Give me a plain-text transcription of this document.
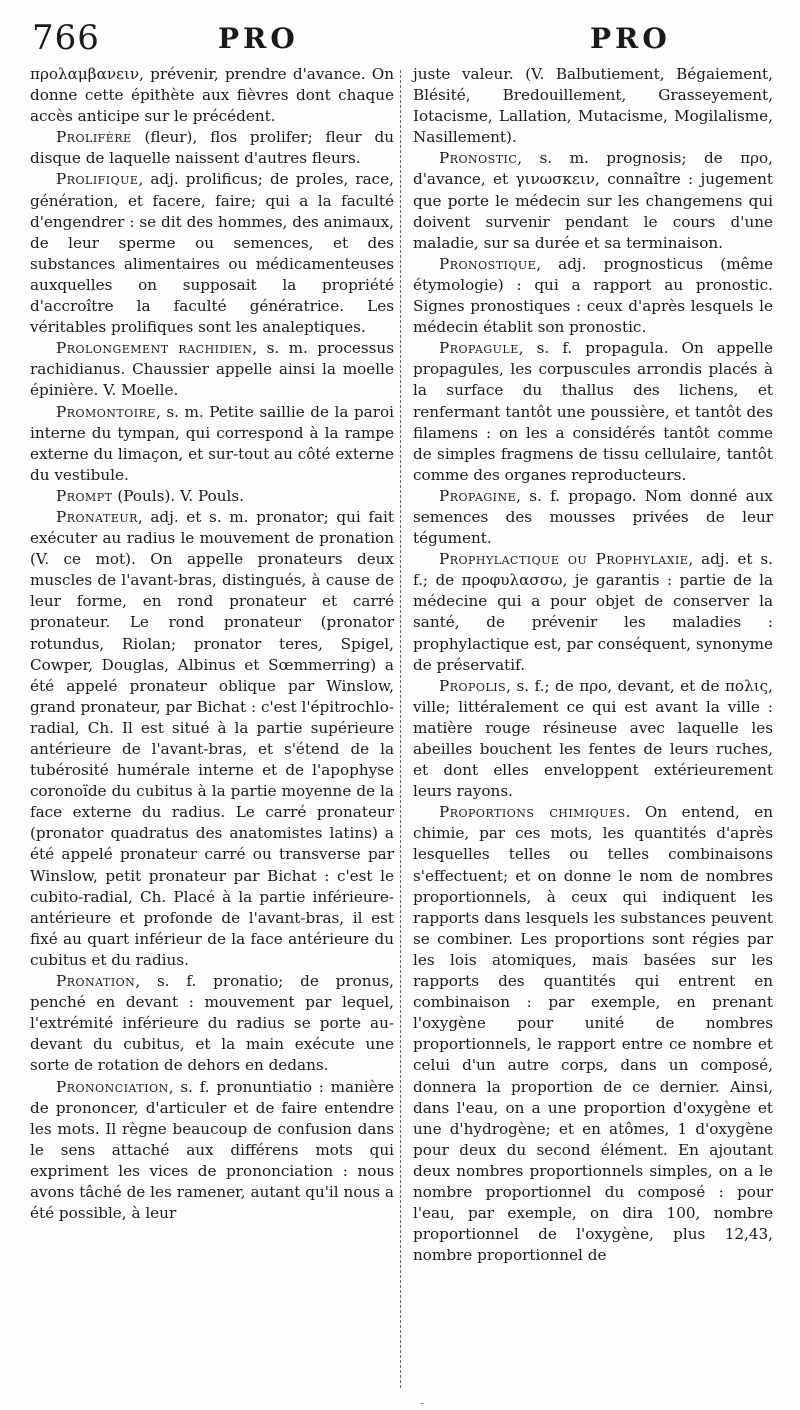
766	PRO	PRO

προλαμβανειν, prévenir, prendre d'avance. On donne cette épithète aux fièvres dont chaque accès anticipe sur le précédent.

Prolifère (fleur), flos prolifer; fleur du disque de laquelle naissent d'autres fleurs.

Prolifique, adj. prolificus; de proles, race, génération, et facere, faire; qui a la faculté d'engendrer : se dit des hommes, des animaux, de leur sperme ou semences, et des substances alimentaires ou médicamenteuses auxquelles on supposait la propriété d'accroître la faculté génératrice. Les véritables prolifiques sont les analeptiques.

Prolongement rachidien, s. m. processus rachidianus. Chaussier appelle ainsi la moelle épinière. V. Moelle.

Promontoire, s. m. Petite saillie de la paroi interne du tympan, qui correspond à la rampe externe du limaçon, et sur-tout au côté externe du vestibule.

Prompt (Pouls). V. Pouls.

Pronateur, adj. et s. m. pronator; qui fait exécuter au radius le mouvement de pronation (V. ce mot). On appelle pronateurs deux muscles de l'avant-bras, distingués, à cause de leur forme, en rond pronateur et carré pronateur. Le rond pronateur (pronator rotundus, Riolan; pronator teres, Spigel, Cowper, Douglas, Albinus et Sœmmerring) a été appelé pronateur oblique par Winslow, grand pronateur, par Bichat : c'est l'épitrochlo-radial, Ch. Il est situé à la partie supérieure antérieure de l'avant-bras, et s'étend de la tubérosité humérale interne et de l'apophyse coronoïde du cubitus à la partie moyenne de la face externe du radius. Le carré pronateur (pronator quadratus des anatomistes latins) a été appelé pronateur carré ou transverse par Winslow, petit pronateur par Bichat : c'est le cubito-radial, Ch. Placé à la partie inférieure-antérieure et profonde de l'avant-bras, il est fixé au quart inférieur de la face antérieure du cubitus et du radius.

Pronation, s. f. pronatio; de pronus, penché en devant : mouvement par lequel, l'extrémité inférieure du radius se porte au-devant du cubitus, et la main exécute une sorte de rotation de dehors en dedans.

Prononciation, s. f. pronuntiatio : manière de prononcer, d'articuler et de faire entendre les mots. Il règne beaucoup de confusion dans le sens attaché aux différens mots qui expriment les vices de prononciation : nous avons tâché de les ramener, autant qu'il nous a été possible, à leur

juste valeur. (V. Balbutiement, Bégaiement, Blésité, Bredouillement, Grasseyement, Iotacisme, Lallation, Mutacisme, Mogilalisme, Nasillement).

Pronostic, s. m. prognosis; de προ, d'avance, et γινωσκειν, connaître : jugement que porte le médecin sur les changemens qui doivent survenir pendant le cours d'une maladie, sur sa durée et sa terminaison.

Pronostique, adj. prognosticus (même étymologie) : qui a rapport au pronostic. Signes pronostiques : ceux d'après lesquels le médecin établit son pronostic.

Propagule, s. f. propagula. On appelle propagules, les corpuscules arrondis placés à la surface du thallus des lichens, et renfermant tantôt une poussière, et tantôt des filamens : on les a considérés tantôt comme de simples fragmens de tissu cellulaire, tantôt comme des organes reproducteurs.

Propagine, s. f. propago. Nom donné aux semences des mousses privées de leur tégument.

Prophylactique ou Prophylaxie, adj. et s. f.; de προφυλασσω, je garantis : partie de la médecine qui a pour objet de conserver la santé, de prévenir les maladies : prophylactique est, par conséquent, synonyme de préservatif.

Propolis, s. f.; de προ, devant, et de πολις, ville; littéralement ce qui est avant la ville : matière rouge résineuse avec laquelle les abeilles bouchent les fentes de leurs ruches, et dont elles enveloppent extérieurement leurs rayons.

Proportions chimiques. On entend, en chimie, par ces mots, les quantités d'après lesquelles telles ou telles combinaisons s'effectuent; et on donne le nom de nombres proportionnels, à ceux qui indiquent les rapports dans lesquels les substances peuvent se combiner. Les proportions sont régies par les lois atomiques, mais basées sur les rapports des quantités qui entrent en combinaison : par exemple, en prenant l'oxygène pour unité de nombres proportionnels, le rapport entre ce nombre et celui d'un autre corps, dans un composé, donnera la proportion de ce dernier. Ainsi, dans l'eau, on a une proportion d'oxygène et une d'hydrogène; et en atômes, 1 d'oxygène pour deux du second élément. En ajoutant deux nombres proportionnels simples, on a le nombre proportionnel du composé : pour l'eau, par exemple, on dira 100, nombre proportionnel de l'oxygène, plus 12,43, nombre proportionnel de

-
